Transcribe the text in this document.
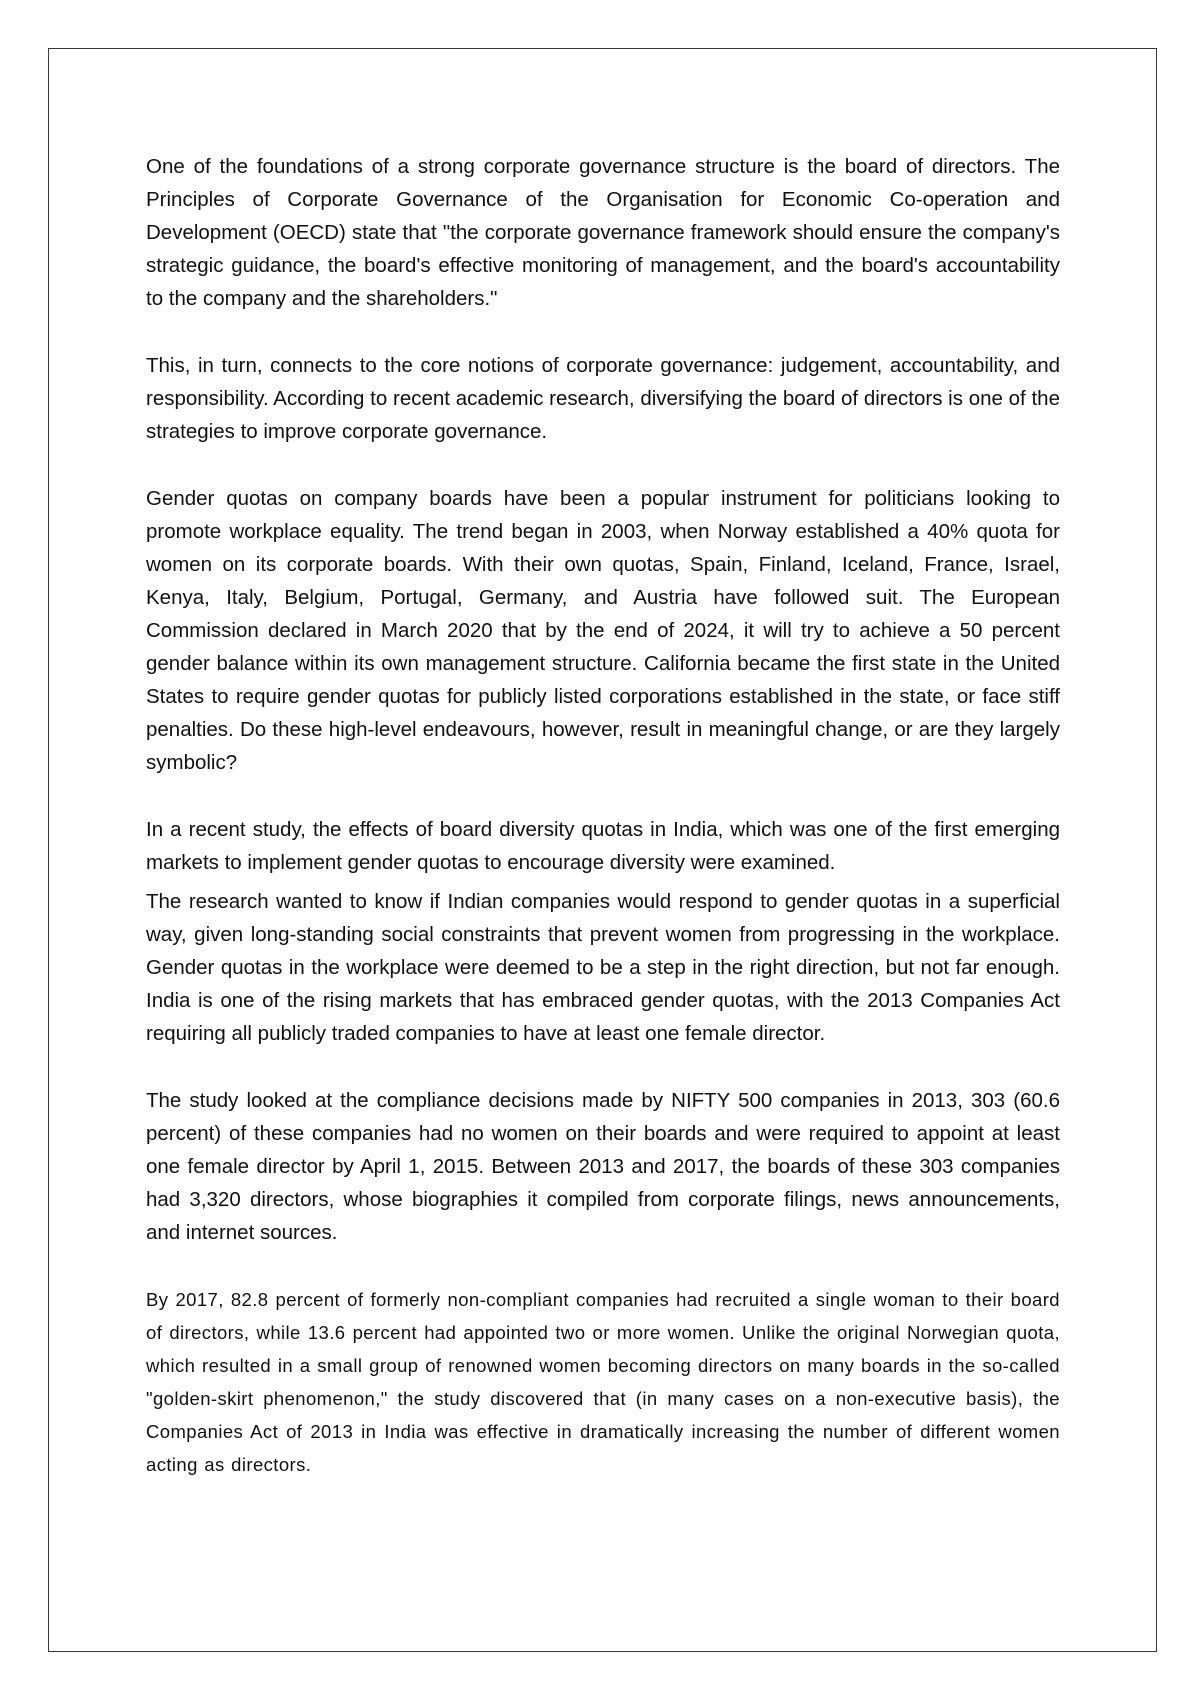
One of the foundations of a strong corporate governance structure is the board of directors. The Principles of Corporate Governance of the Organisation for Economic Co-operation and Development (OECD) state that "the corporate governance framework should ensure the company's strategic guidance, the board's effective monitoring of management, and the board's accountability to the company and the shareholders."

This, in turn, connects to the core notions of corporate governance: judgement, accountability, and responsibility. According to recent academic research, diversifying the board of directors is one of the strategies to improve corporate governance.

Gender quotas on company boards have been a popular instrument for politicians looking to promote workplace equality. The trend began in 2003, when Norway established a 40% quota for women on its corporate boards. With their own quotas, Spain, Finland, Iceland, France, Israel, Kenya, Italy, Belgium, Portugal, Germany, and Austria have followed suit. The European Commission declared in March 2020 that by the end of 2024, it will try to achieve a 50 percent gender balance within its own management structure. California became the first state in the United States to require gender quotas for publicly listed corporations established in the state, or face stiff penalties. Do these high-level endeavours, however, result in meaningful change, or are they largely symbolic?

In a recent study, the effects of board diversity quotas in India, which was one of the first emerging markets to implement gender quotas to encourage diversity were examined.

The research wanted to know if Indian companies would respond to gender quotas in a superficial way, given long-standing social constraints that prevent women from progressing in the workplace. Gender quotas in the workplace were deemed to be a step in the right direction, but not far enough. India is one of the rising markets that has embraced gender quotas, with the 2013 Companies Act requiring all publicly traded companies to have at least one female director.

The study looked at the compliance decisions made by NIFTY 500 companies in 2013, 303 (60.6 percent) of these companies had no women on their boards and were required to appoint at least one female director by April 1, 2015. Between 2013 and 2017, the boards of these 303 companies had 3,320 directors, whose biographies it compiled from corporate filings, news announcements, and internet sources.

By 2017, 82.8 percent of formerly non-compliant companies had recruited a single woman to their board of directors, while 13.6 percent had appointed two or more women. Unlike the original Norwegian quota, which resulted in a small group of renowned women becoming directors on many boards in the so-called "golden-skirt phenomenon," the study discovered that (in many cases on a non-executive basis), the Companies Act of 2013 in India was effective in dramatically increasing the number of different women acting as directors.
